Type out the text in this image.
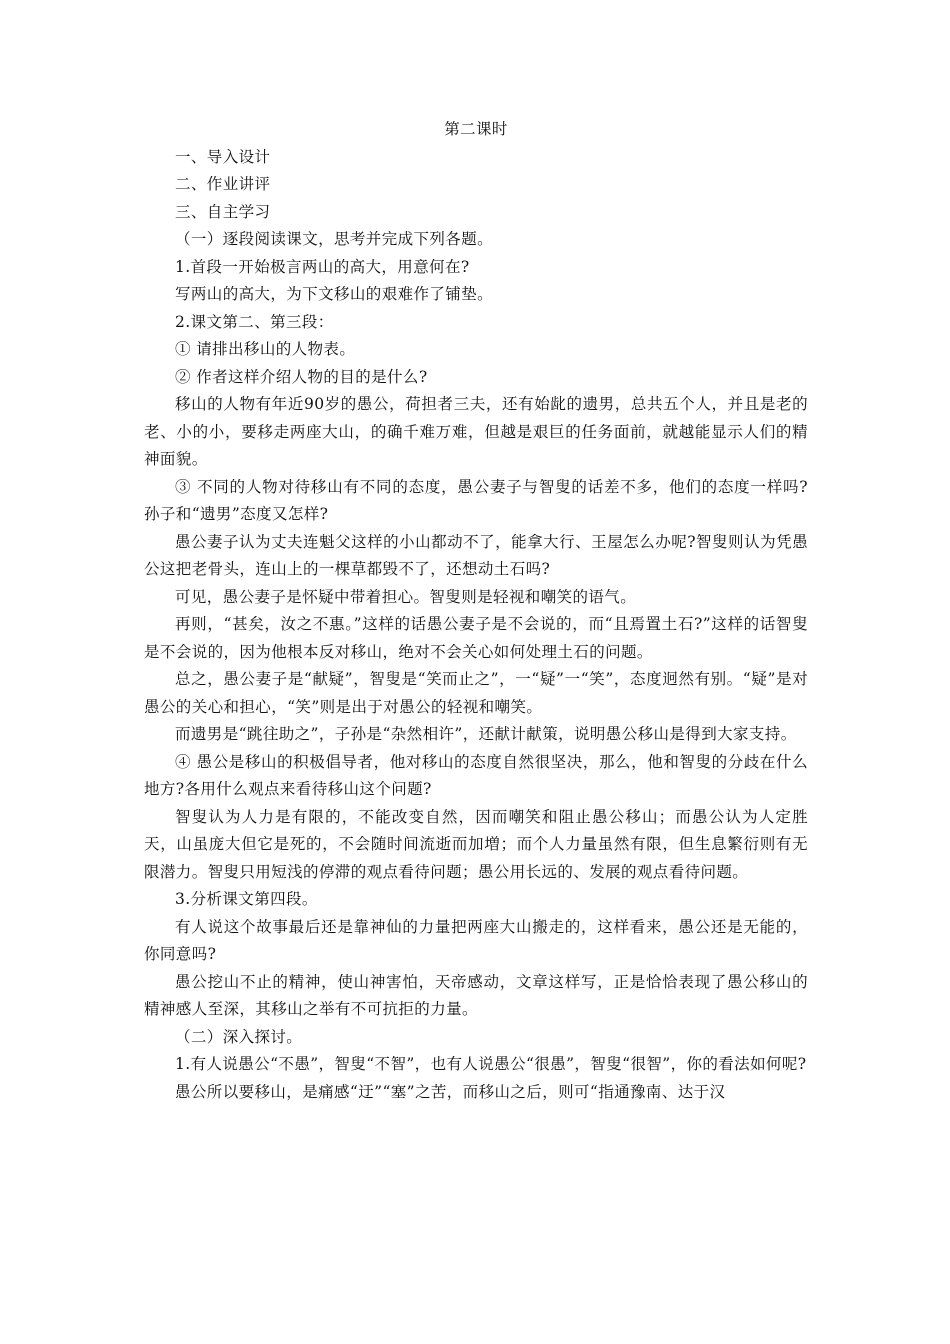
第二课时

一、导入设计

二、作业讲评

三、自主学习

（一）逐段阅读课文，思考并完成下列各题。

1.首段一开始极言两山的高大，用意何在?

写两山的高大，为下文移山的艰难作了铺垫。

2.课文第二、第三段：

① 请排出移山的人物表。

② 作者这样介绍人物的目的是什么?

移山的人物有年近90岁的愚公，荷担者三夫，还有始龀的遗男，总共五个人，并且是老的老、小的小，要移走两座大山，的确千难万难，但越是艰巨的任务面前，就越能显示人们的精神面貌。

③ 不同的人物对待移山有不同的态度，愚公妻子与智叟的话差不多，他们的态度一样吗?孙子和“遗男”态度又怎样?

愚公妻子认为丈夫连魁父这样的小山都动不了，能拿大行、王屋怎么办呢?智叟则认为凭愚公这把老骨头，连山上的一棵草都毁不了，还想动土石吗?

可见，愚公妻子是怀疑中带着担心。智叟则是轻视和嘲笑的语气。

再则，“甚矣，汝之不惠。”这样的话愚公妻子是不会说的，而“且焉置土石?”这样的话智叟是不会说的，因为他根本反对移山，绝对不会关心如何处理土石的问题。

总之，愚公妻子是“献疑”，智叟是“笑而止之”，一“疑”一“笑”，态度迥然有别。“疑”是对愚公的关心和担心，“笑”则是出于对愚公的轻视和嘲笑。

而遗男是“跳往助之”，子孙是“杂然相许”，还献计献策，说明愚公移山是得到大家支持。

④ 愚公是移山的积极倡导者，他对移山的态度自然很坚决，那么，他和智叟的分歧在什么地方?各用什么观点来看待移山这个问题?

智叟认为人力是有限的，不能改变自然，因而嘲笑和阻止愚公移山；而愚公认为人定胜天，山虽庞大但它是死的，不会随时间流逝而加増；而个人力量虽然有限，但生息繁衍则有无限潜力。智叟只用短浅的停滞的观点看待问题；愚公用长远的、发展的观点看待问题。

3.分析课文第四段。

有人说这个故事最后还是靠神仙的力量把两座大山搬走的，这样看来，愚公还是无能的，你同意吗?

愚公挖山不止的精神，使山神害怕，天帝感动，文章这样写，正是恰恰表现了愚公移山的精神感人至深，其移山之举有不可抗拒的力量。

（二）深入探讨。

1.有人说愚公“不愚”，智叟“不智”，也有人说愚公“很愚”，智叟“很智”，你的看法如何呢?

愚公所以要移山，是痛感“迂”“塞”之苦，而移山之后，则可“指通豫南、达于汉
